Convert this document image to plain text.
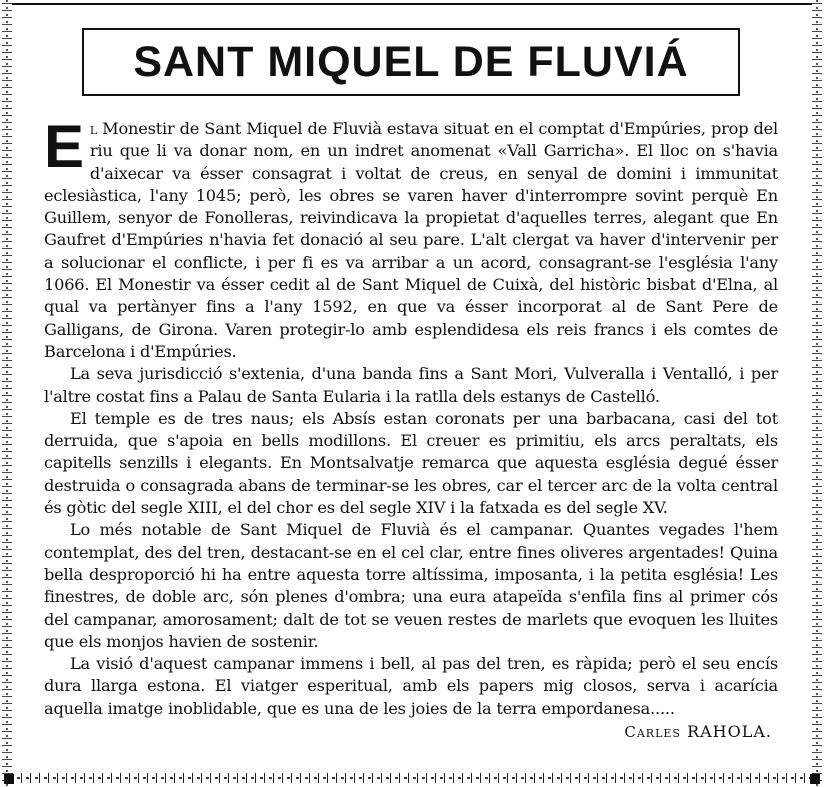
SANT MIQUEL DE FLUVIÁ

El Monestir de Sant Miquel de Fluvià estava situat en el comptat d'Empúries, prop del riu que li va donar nom, en un indret anomenat «Vall Garricha». El lloc on s'havia d'aixecar va ésser consagrat i voltat de creus, en senyal de domini i immunitat eclesiàstica, l'any 1045; però, les obres se varen haver d'interrompre sovint perquè En Guillem, senyor de Fonolleras, reivindicava la propietat d'aquelles terres, alegant que En Gaufret d'Empúries n'havia fet donació al seu pare. L'alt clergat va haver d'intervenir per a solucionar el conflicte, i per fi es va arribar a un acord, consagrant-se l'església l'any 1066. El Monestir va ésser cedit al de Sant Miquel de Cuixà, del històric bisbat d'Elna, al qual va pertànyer fins a l'any 1592, en que va ésser incorporat al de Sant Pere de Galligans, de Girona. Varen protegir-lo amb esplendidesa els reis francs i els comtes de Barcelona i d'Empúries.

La seva jurisdicció s'extenia, d'una banda fins a Sant Mori, Vulveralla i Ventalló, i per l'altre costat fins a Palau de Santa Eularia i la ratlla dels estanys de Castelló.

El temple es de tres naus; els Absís estan coronats per una barbacana, casi del tot derruida, que s'apoia en bells modillons. El creuer es primitiu, els arcs peraltats, els capitells senzills i elegants. En Montsalvatje remarca que aquesta església degué ésser destruida o consagrada abans de terminar-se les obres, car el tercer arc de la volta central és gòtic del segle XIII, el del chor es del segle XIV i la fatxada es del segle XV.

Lo més notable de Sant Miquel de Fluvià és el campanar. Quantes vegades l'hem contemplat, des del tren, destacant-se en el cel clar, entre fines oliveres argentades! Quina bella desproporció hi ha entre aquesta torre altíssima, imposanta, i la petita església! Les finestres, de doble arc, són plenes d'ombra; una eura atapeïda s'enfila fins al primer cós del campanar, amorosament; dalt de tot se veuen restes de marlets que evoquen les lluites que els monjos havien de sostenir.

La visió d'aquest campanar immens i bell, al pas del tren, es ràpida; però el seu encís dura llarga estona. El viatger esperitual, amb els papers mig closos, serva i acarícia aquella imatge inoblidable, que es una de les joies de la terra empordanesa.....

Carles RAHOLA.
